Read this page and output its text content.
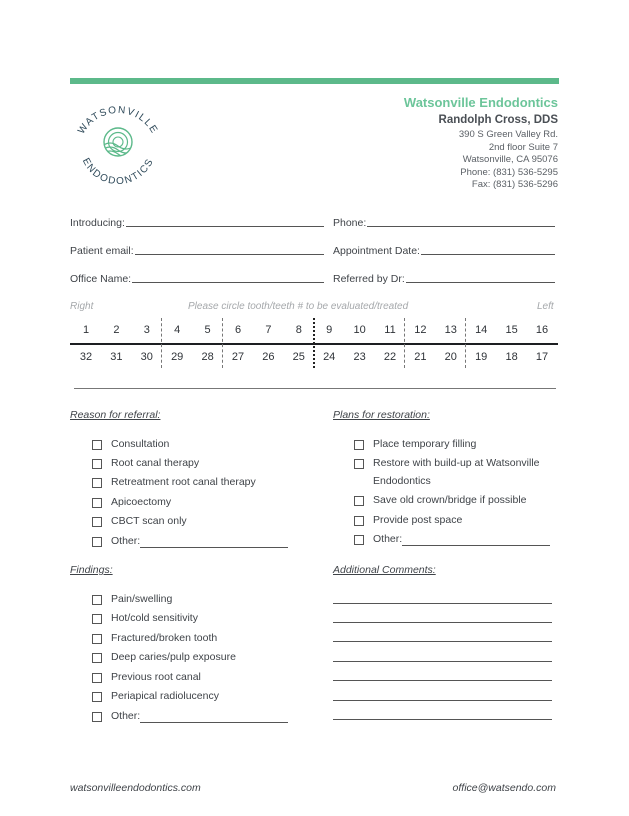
WATSONVILLE
ENDODONTICS
Watsonville Endodontics
Randolph Cross, DDS
390 S Green Valley Rd.
2nd floor Suite 7
Watsonville, CA 95076
Phone: (831) 536-5295
Fax: (831) 536-5296
Introducing:	Phone:
Patient email:	Appointment Date:
Office Name:	Referred by Dr:
Right	Please circle tooth/teeth # to be evaluated/treated	Left
1	2	3	4	5	6	7	8	9	10	11	12	13	14	15	16
32	31	30	29	28	27	26	25	24	23	22	21	20	19	18	17
Reason for referral:	Plans for restoration:
Findings:	Additional Comments:
Consultation
Root canal therapy
Retreatment root canal therapy
Apicoectomy
CBCT scan only
Other:
Place temporary filling
Restore with build-up at Watsonville Endodontics
Save old crown/bridge if possible
Provide post space
Other:
Pain/swelling
Hot/cold sensitivity
Fractured/broken tooth
Deep caries/pulp exposure
Previous root canal
Periapical radiolucency
Other:
watsonvilleendodontics.com	office@watsendo.com
